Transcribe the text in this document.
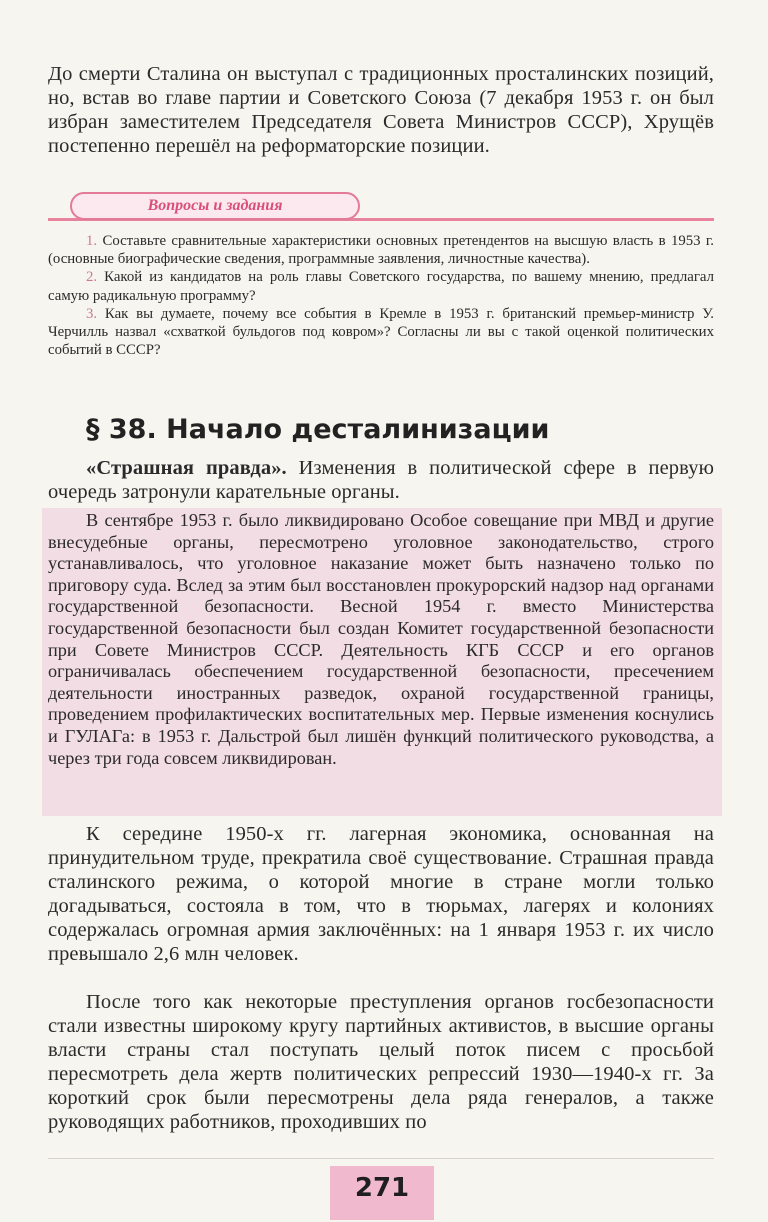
До смерти Сталина он выступал с традиционных просталинских позиций, но, встав во главе партии и Советского Союза (7 декабря 1953 г. он был избран заместителем Председателя Совета Министров СССР), Хрущёв постепенно перешёл на реформаторские позиции.

Вопросы и задания

1. Составьте сравнительные характеристики основных претендентов на высшую власть в 1953 г. (основные биографические сведения, программные заявления, личностные качества).

2. Какой из кандидатов на роль главы Советского государства, по вашему мнению, предлагал самую радикальную программу?

3. Как вы думаете, почему все события в Кремле в 1953 г. британский премьер-министр У. Черчилль назвал «схваткой бульдогов под ковром»? Согласны ли вы с такой оценкой политических событий в СССР?

§ 38. Начало десталинизации

«Страшная правда». Изменения в политической сфере в первую очередь затронули карательные органы.

В сентябре 1953 г. было ликвидировано Особое совещание при МВД и другие внесудебные органы, пересмотрено уголовное законодательство, строго устанавливалось, что уголовное наказание может быть назначено только по приговору суда. Вслед за этим был восстановлен прокурорский надзор над органами государственной безопасности. Весной 1954 г. вместо Министерства государственной безопасности был создан Комитет государственной безопасности при Совете Министров СССР. Деятельность КГБ СССР и его органов ограничивалась обеспечением государственной безопасности, пресечением деятельности иностранных разведок, охраной государственной границы, проведением профилактических воспитательных мер. Первые изменения коснулись и ГУЛАГа: в 1953 г. Дальстрой был лишён функций политического руководства, а через три года совсем ликвидирован.

К середине 1950-х гг. лагерная экономика, основанная на принудительном труде, прекратила своё существование. Страшная правда сталинского режима, о которой многие в стране могли только догадываться, состояла в том, что в тюрьмах, лагерях и колониях содержалась огромная армия заключённых: на 1 января 1953 г. их число превышало 2,6 млн человек.

После того как некоторые преступления органов госбезопасности стали известны широкому кругу партийных активистов, в высшие органы власти страны стал поступать целый поток писем с просьбой пересмотреть дела жертв политических репрессий 1930—1940-х гг. За короткий срок были пересмотрены дела ряда генералов, а также руководящих работников, проходивших по

271
